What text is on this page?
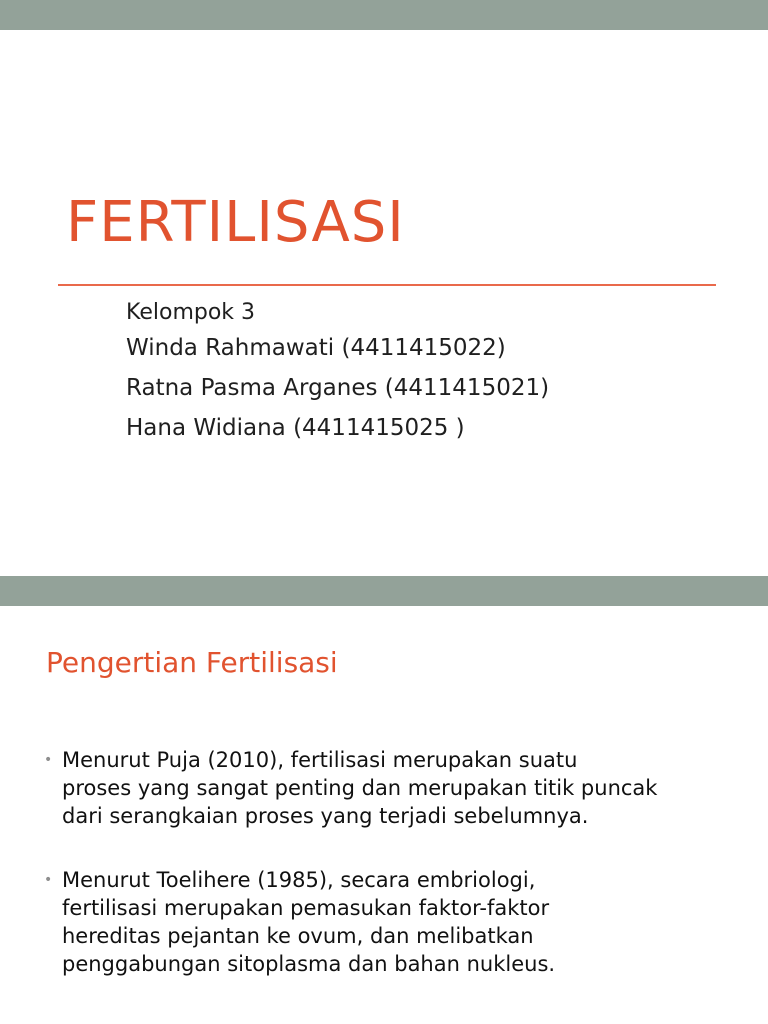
FERTILISASI
Kelompok 3
Winda Rahmawati (4411415022)
Ratna Pasma Arganes (4411415021)
Hana Widiana (4411415025 )
Pengertian Fertilisasi
• Menurut Puja (2010), fertilisasi merupakan suatu
proses yang sangat penting dan merupakan titik puncak
dari serangkaian proses yang terjadi sebelumnya.
• Menurut Toelihere (1985), secara embriologi,
fertilisasi merupakan pemasukan faktor-faktor
hereditas pejantan ke ovum, dan melibatkan
penggabungan sitoplasma dan bahan nukleus.
